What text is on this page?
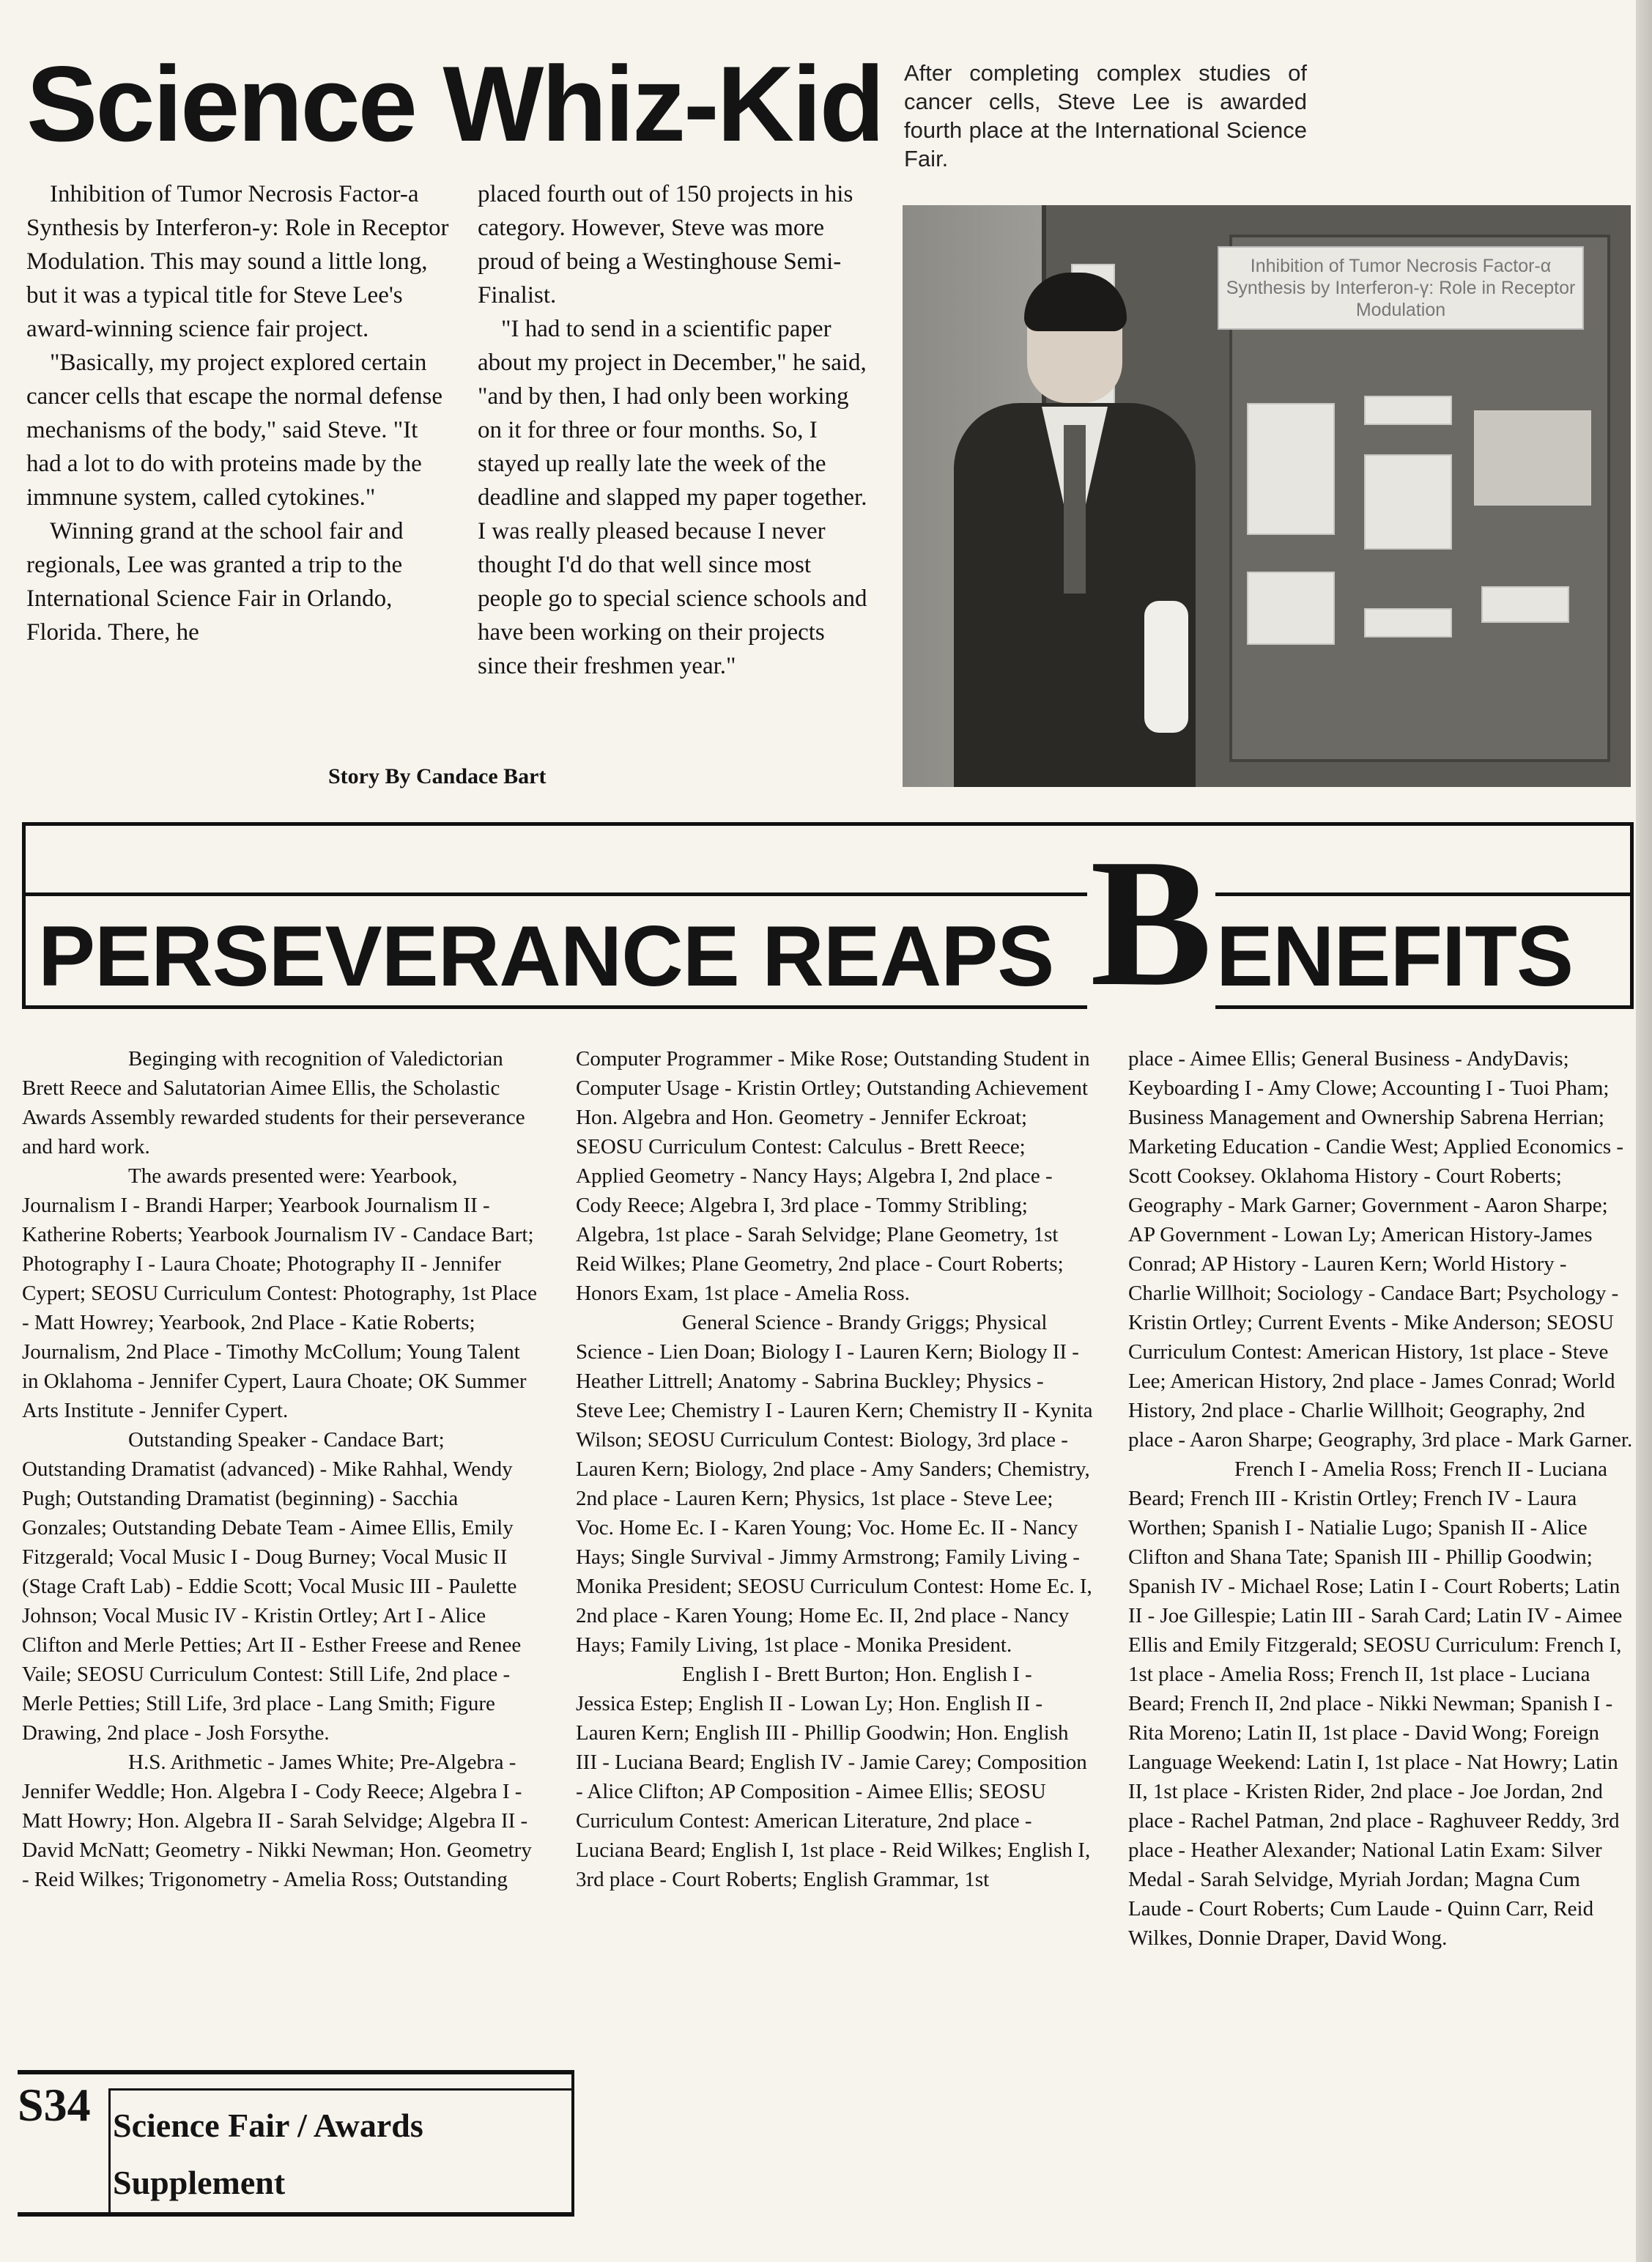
Science Whiz-Kid After completing complex studies of cancer cells, Steve Lee is awarded fourth place at the International Science Fair.

Inhibition of Tumor Necrosis Factor-a Synthesis by Interferon-y: Role in Receptor Modulation. This may sound a little long, but it was a typical title for Steve Lee's award-winning science fair project.

"Basically, my project explored certain cancer cells that escape the normal defense mechanisms of the body," said Steve. "It had a lot to do with proteins made by the immnune system, called cytokines."

Winning grand at the school fair and regionals, Lee was granted a trip to the International Science Fair in Orlando, Florida. There, he

placed fourth out of 150 projects in his category. However, Steve was more proud of being a Westinghouse Semi-Finalist.

"I had to send in a scientific paper about my project in December," he said, "and by then, I had only been working on it for three or four months. So, I stayed up really late the week of the deadline and slapped my paper together. I was really pleased because I never thought I'd do that well since most people go to special science schools and have been working on their projects since their freshmen year."

Story By Candace Bart
Inhibition of Tumor Necrosis Factor-α Synthesis by Interferon-γ: Role in Receptor Modulation
PERSEVERANCE REAPS B ENEFITS

Beginging with recognition of Valedictorian Brett Reece and Salutatorian Aimee Ellis, the Scholastic Awards Assembly rewarded students for their perseverance and hard work.

The awards presented were: Yearbook, Journalism I - Brandi Harper; Yearbook Journalism II - Katherine Roberts; Yearbook Journalism IV - Candace Bart; Photography I - Laura Choate; Photography II - Jennifer Cypert; SEOSU Curriculum Contest: Photography, 1st Place - Matt Howrey; Yearbook, 2nd Place - Katie Roberts; Journalism, 2nd Place - Timothy McCollum; Young Talent in Oklahoma - Jennifer Cypert, Laura Choate; OK Summer Arts Institute - Jennifer Cypert.

Outstanding Speaker - Candace Bart; Outstanding Dramatist (advanced) - Mike Rahhal, Wendy Pugh; Outstanding Dramatist (beginning) - Sacchia Gonzales; Outstanding Debate Team - Aimee Ellis, Emily Fitzgerald; Vocal Music I - Doug Burney; Vocal Music II (Stage Craft Lab) - Eddie Scott; Vocal Music III - Paulette Johnson; Vocal Music IV - Kristin Ortley; Art I - Alice Clifton and Merle Petties; Art II - Esther Freese and Renee Vaile; SEOSU Curriculum Contest: Still Life, 2nd place - Merle Petties; Still Life, 3rd place - Lang Smith; Figure Drawing, 2nd place - Josh Forsythe.

H.S. Arithmetic - James White; Pre-Algebra - Jennifer Weddle; Hon. Algebra I - Cody Reece; Algebra I - Matt Howry; Hon. Algebra II - Sarah Selvidge; Algebra II - David McNatt; Geometry - Nikki Newman; Hon. Geometry - Reid Wilkes; Trigonometry - Amelia Ross; Outstanding

Computer Programmer - Mike Rose; Outstanding Student in Computer Usage - Kristin Ortley; Outstanding Achievement Hon. Algebra and Hon. Geometry - Jennifer Eckroat; SEOSU Curriculum Contest: Calculus - Brett Reece; Applied Geometry - Nancy Hays; Algebra I, 2nd place - Cody Reece; Algebra I, 3rd place - Tommy Stribling; Algebra, 1st place - Sarah Selvidge; Plane Geometry, 1st Reid Wilkes; Plane Geometry, 2nd place - Court Roberts; Honors Exam, 1st place - Amelia Ross.

General Science - Brandy Griggs; Physical Science - Lien Doan; Biology I - Lauren Kern; Biology II - Heather Littrell; Anatomy - Sabrina Buckley; Physics - Steve Lee; Chemistry I - Lauren Kern; Chemistry II - Kynita Wilson; SEOSU Curriculum Contest: Biology, 3rd place - Lauren Kern; Biology, 2nd place - Amy Sanders; Chemistry, 2nd place - Lauren Kern; Physics, 1st place - Steve Lee; Voc. Home Ec. I - Karen Young; Voc. Home Ec. II - Nancy Hays; Single Survival - Jimmy Armstrong; Family Living - Monika President; SEOSU Curriculum Contest: Home Ec. I, 2nd place - Karen Young; Home Ec. II, 2nd place - Nancy Hays; Family Living, 1st place - Monika President.

English I - Brett Burton; Hon. English I - Jessica Estep; English II - Lowan Ly; Hon. English II - Lauren Kern; English III - Phillip Goodwin; Hon. English III - Luciana Beard; English IV - Jamie Carey; Composition - Alice Clifton; AP Composition - Aimee Ellis; SEOSU Curriculum Contest: American Literature, 2nd place - Luciana Beard; English I, 1st place - Reid Wilkes; English I, 3rd place - Court Roberts; English Grammar, 1st

place - Aimee Ellis; General Business - AndyDavis; Keyboarding I - Amy Clowe; Accounting I - Tuoi Pham; Business Management and Ownership Sabrena Herrian; Marketing Education - Candie West; Applied Economics - Scott Cooksey. Oklahoma History - Court Roberts; Geography - Mark Garner; Government - Aaron Sharpe; AP Government - Lowan Ly; American History-James Conrad; AP History - Lauren Kern; World History - Charlie Willhoit; Sociology - Candace Bart; Psychology - Kristin Ortley; Current Events - Mike Anderson; SEOSU Curriculum Contest: American History, 1st place - Steve Lee; American History, 2nd place - James Conrad; World History, 2nd place - Charlie Willhoit; Geography, 2nd place - Aaron Sharpe; Geography, 3rd place - Mark Garner.

French I - Amelia Ross; French II - Luciana Beard; French III - Kristin Ortley; French IV - Laura Worthen; Spanish I - Natialie Lugo; Spanish II - Alice Clifton and Shana Tate; Spanish III - Phillip Goodwin; Spanish IV - Michael Rose; Latin I - Court Roberts; Latin II - Joe Gillespie; Latin III - Sarah Card; Latin IV - Aimee Ellis and Emily Fitzgerald; SEOSU Curriculum: French I, 1st place - Amelia Ross; French II, 1st place - Luciana Beard; French II, 2nd place - Nikki Newman; Spanish I - Rita Moreno; Latin II, 1st place - David Wong; Foreign Language Weekend: Latin I, 1st place - Nat Howry; Latin II, 1st place - Kristen Rider, 2nd place - Joe Jordan, 2nd place - Rachel Patman, 2nd place - Raghuveer Reddy, 3rd place - Heather Alexander; National Latin Exam: Silver Medal - Sarah Selvidge, Myriah Jordan; Magna Cum Laude - Court Roberts; Cum Laude - Quinn Carr, Reid Wilkes, Donnie Draper, David Wong.

S34 Science Fair / Awards
Supplement
